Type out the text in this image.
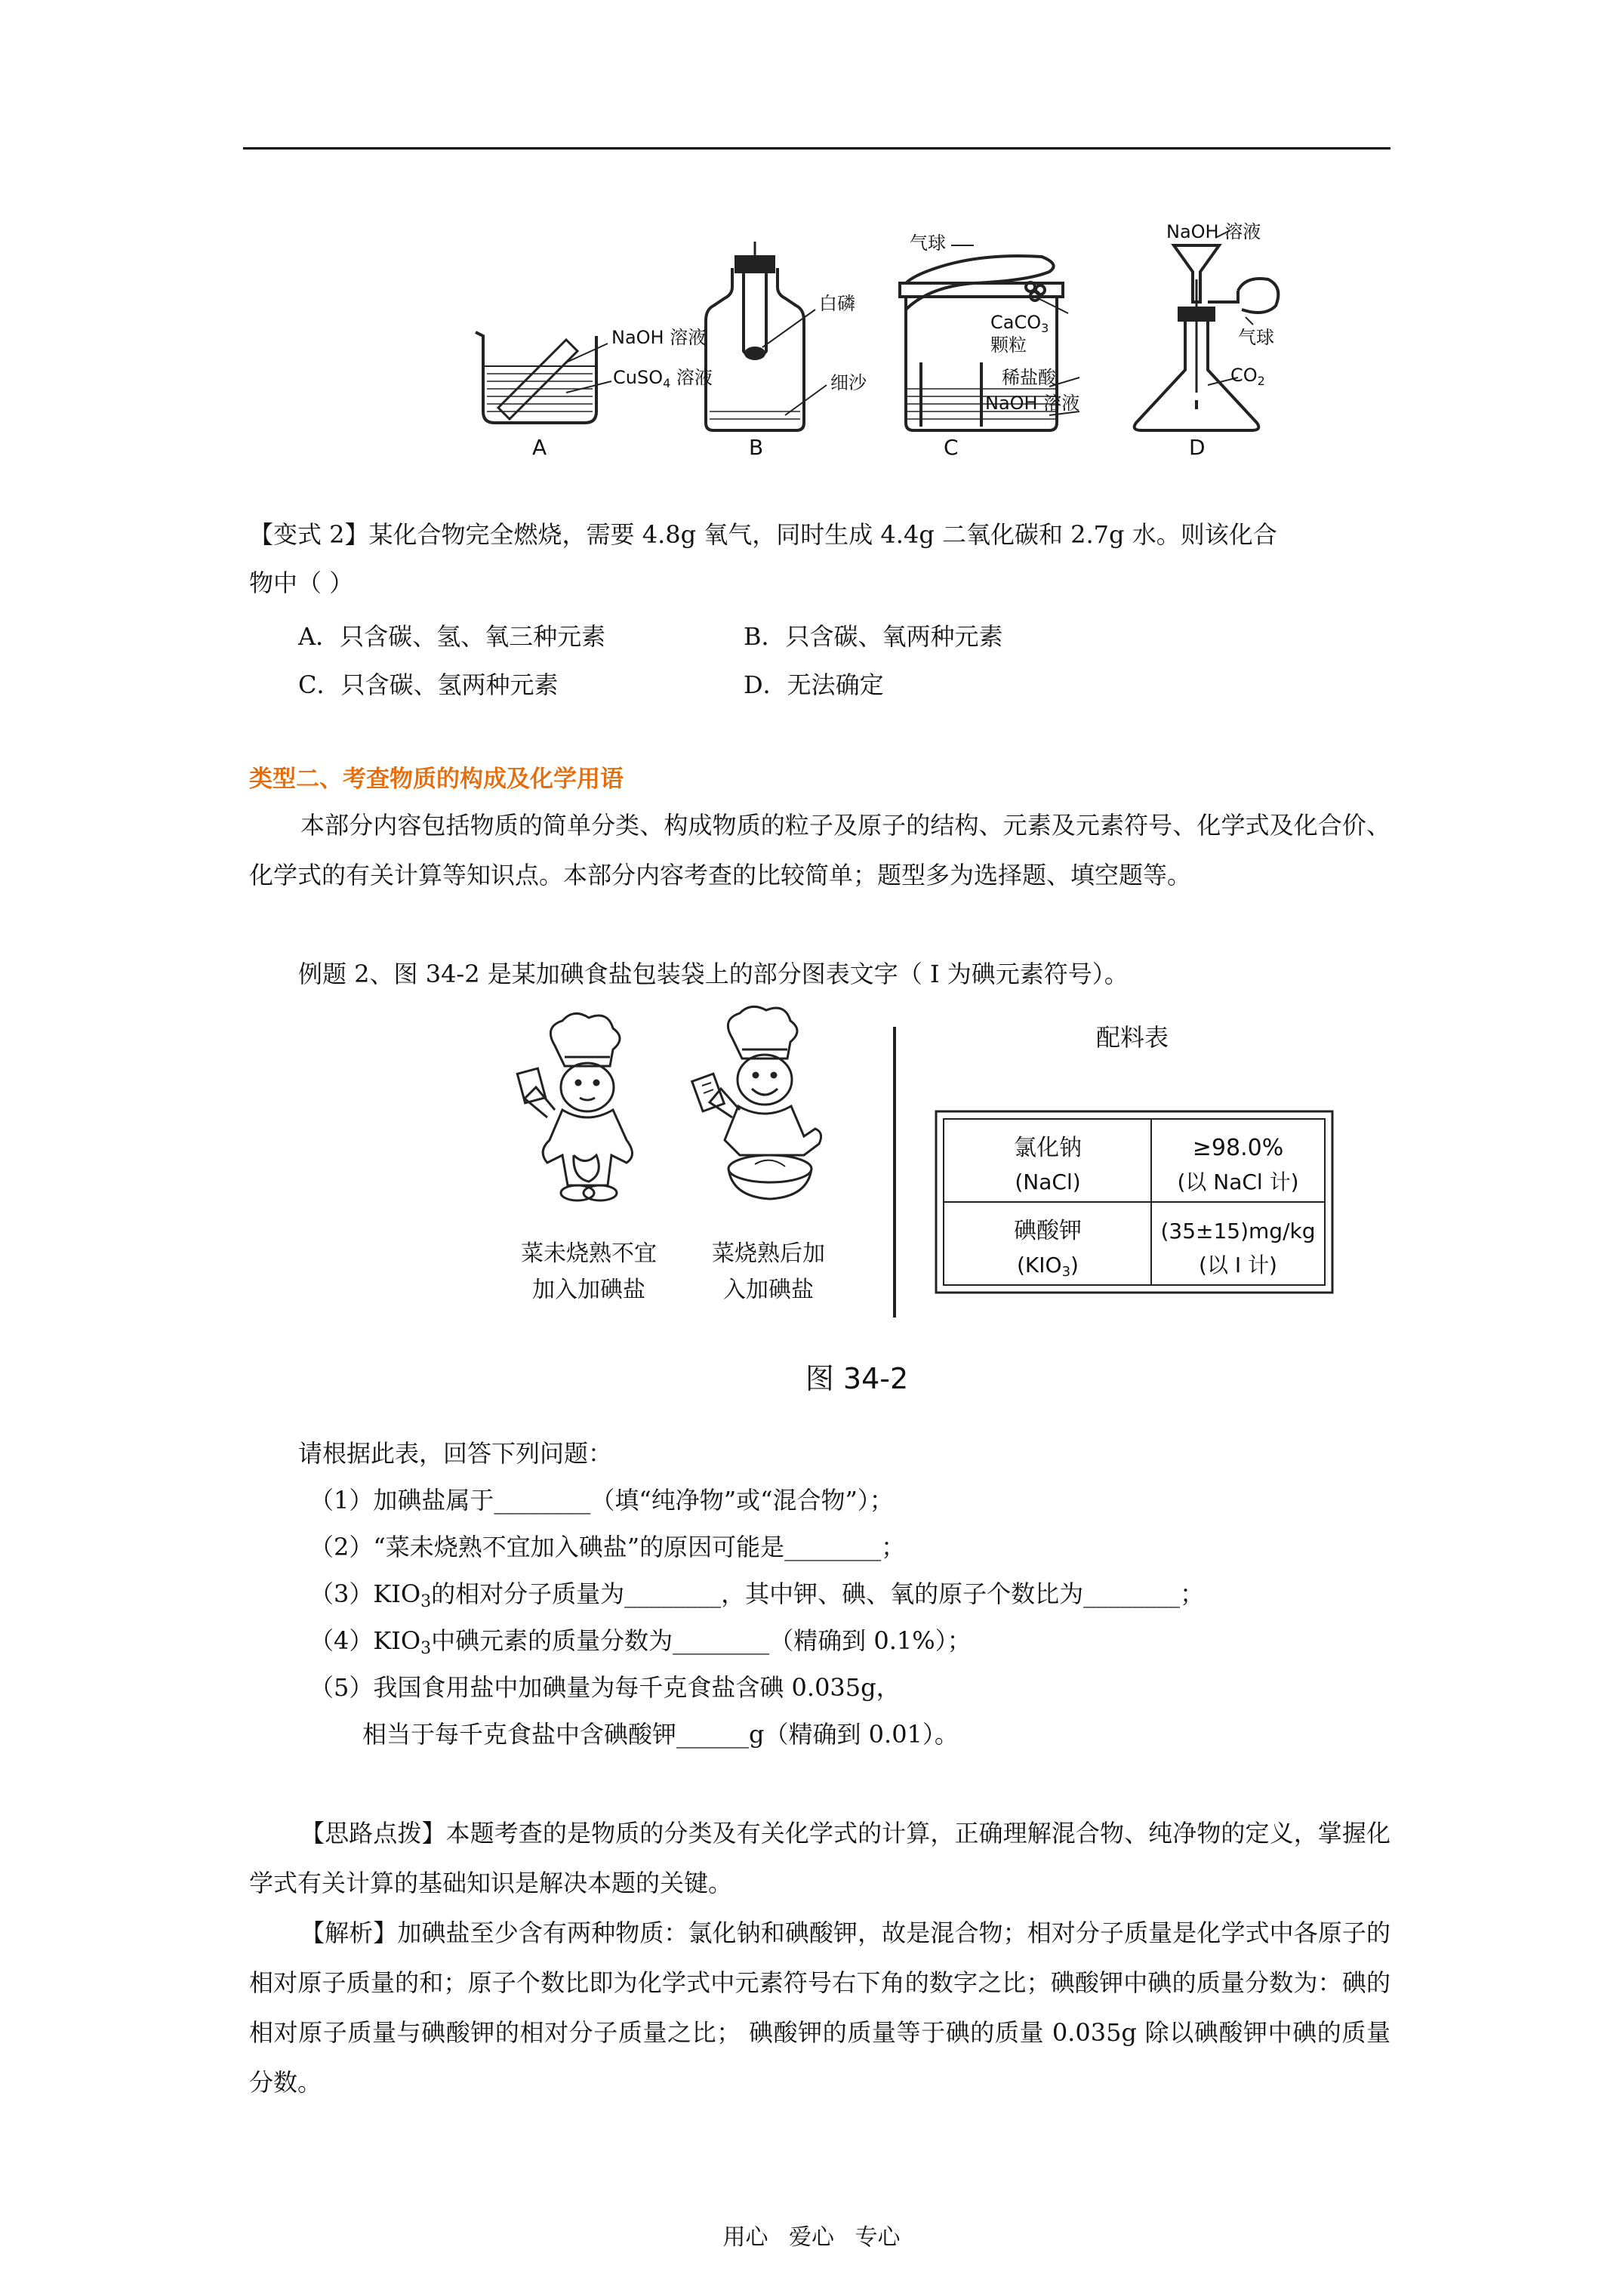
NaOH 溶液
CuSO$_4$ 溶液
A
白磷
细沙
B
气球
CaCO$_3$
颗粒
稀盐酸
NaOH 溶液
C
NaOH 溶液
气球
$CO_2$
D
【变式 2】某化合物完全燃烧，需要 4.8g 氧气，同时生成 4.4g 二氧化碳和 2.7g 水。则该化合
物中（ ）
A．只含碳、氢、氧三种元素	B．只含碳、氧两种元素
C．只含碳、氢两种元素	D．无法确定
类型二、考查物质的构成及化学用语
本部分内容包括物质的简单分类、构成物质的粒子及原子的结构、元素及元素符号、化学式及化合价、化学式的有关计算等知识点。本部分内容考查的比较简单；题型多为选择题、填空题等。
例题 2、图 34-2 是某加碘食盐包装袋上的部分图表文字（ I 为碘元素符号）。
菜未烧熟不宜
加入加碘盐
菜烧熟后加
入加碘盐
配料表
氯化钠
(NaCl)
≥98.0%
(以 NaCl 计)
碘酸钾
(KIO3)
(35±15)mg/kg
(以 I 计)
图 34-2
请根据此表，回答下列问题：
（1）加碘盐属于________（填“纯净物”或“混合物”）；
（2）“菜未烧熟不宜加入碘盐”的原因可能是________；
$(3)KIO_3$的相对分子质量为________，其中钾、碘、氧的原子个数比为________；
$(4)KIO_3$中碘元素的质量分数为________（精确到 0.1%）；
（5）我国食用盐中加碘量为每千克食盐含碘 0.035g，
相当于每千克食盐中含碘酸钾______g（精确到 0.01）。
【思路点拨】本题考查的是物质的分类及有关化学式的计算，正确理解混合物、纯净物的定义，掌握化学式有关计算的基础知识是解决本题的关键。
【解析】加碘盐至少含有两种物质：氯化钠和碘酸钾，故是混合物；相对分子质量是化学式中各原子的相对原子质量的和；原子个数比即为化学式中元素符号右下角的数字之比；碘酸钾中碘的质量分数为：碘的相对原子质量与碘酸钾的相对分子质量之比； 碘酸钾的质量等于碘的质量 0.035g 除以碘酸钾中碘的质量分数。
用心 爱心 专心
